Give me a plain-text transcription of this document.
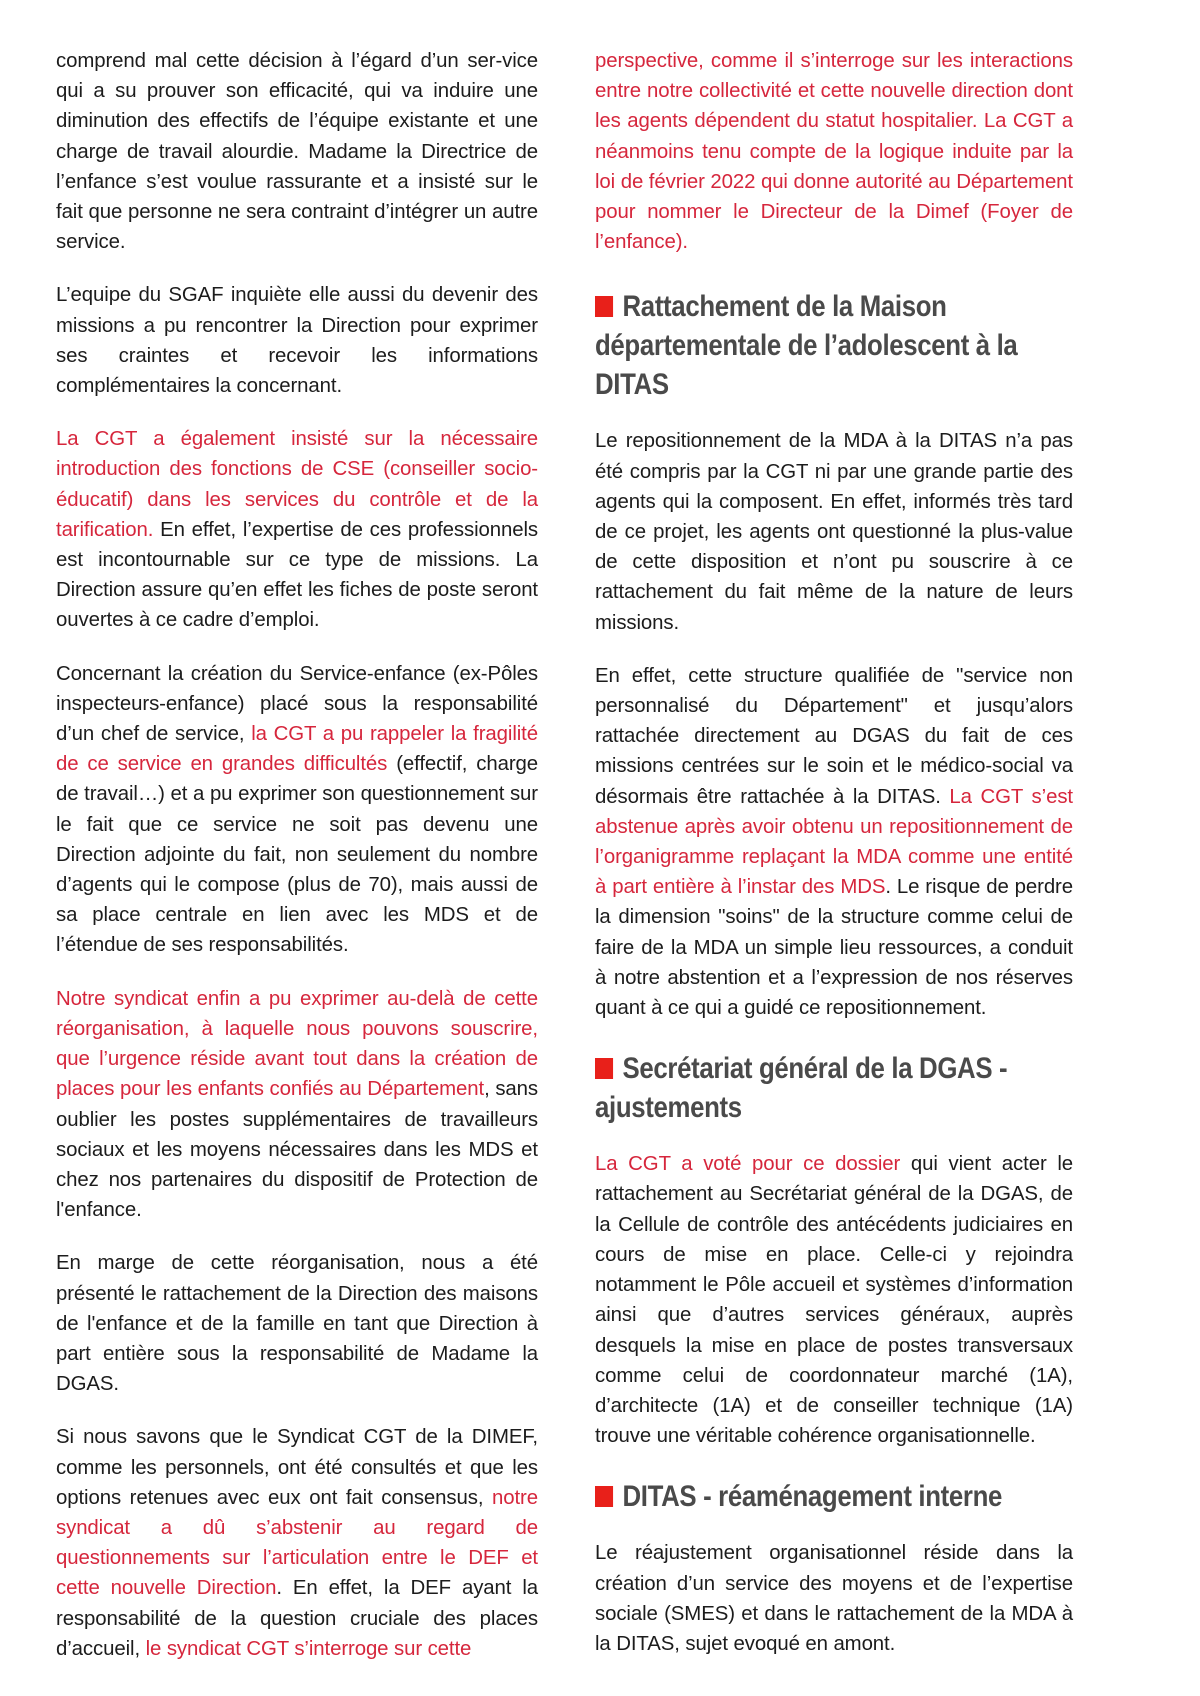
comprend mal cette décision à l’égard d’un ser-vice qui a su prouver son efficacité, qui va induire une diminution des effectifs de l’équipe existante et une charge de travail alourdie. Madame la Directrice de l’enfance s’est voulue rassurante et a insisté sur le fait que personne ne sera contraint d’intégrer un autre service.

L’equipe du SGAF inquiète elle aussi du devenir des missions a pu rencontrer la Direction pour exprimer ses craintes et recevoir les informations complémentaires la concernant.

La CGT a également insisté sur la nécessaire introduction des fonctions de CSE (conseiller socio-éducatif) dans les services du contrôle et de la tarification. En effet, l’expertise de ces professionnels est incontournable sur ce type de missions. La Direction assure qu’en effet les fiches de poste seront ouvertes à ce cadre d’emploi.

Concernant la création du Service-enfance (ex-Pôles inspecteurs-enfance) placé sous la responsabilité d’un chef de service, la CGT a pu rappeler la fragilité de ce service en grandes difficultés (effectif, charge de travail…) et a pu exprimer son questionnement sur le fait que ce service ne soit pas devenu une Direction adjointe du fait, non seulement du nombre d’agents qui le compose (plus de 70), mais aussi de sa place centrale en lien avec les MDS et de l’étendue de ses responsabilités.

Notre syndicat enfin a pu exprimer au-delà de cette réorganisation, à laquelle nous pouvons souscrire, que l’urgence réside avant tout dans la création de places pour les enfants confiés au Département, sans oublier les postes supplémentaires de travailleurs sociaux et les moyens nécessaires dans les MDS et chez nos partenaires du dispositif de Protection de l'enfance.

En marge de cette réorganisation, nous a été présenté le rattachement de la Direction des maisons de l'enfance et de la famille en tant que Direction à part entière sous la responsabilité de Madame la DGAS.

Si nous savons que le Syndicat CGT de la DIMEF, comme les personnels, ont été consultés et que les options retenues avec eux ont fait consensus, notre syndicat a dû s’abstenir au regard de questionnements sur l’articulation entre le DEF et cette nouvelle Direction. En effet, la DEF ayant la responsabilité de la question cruciale des places d’accueil, le syndicat CGT s’interroge sur cette

perspective, comme il s’interroge sur les interactions entre notre collectivité et cette nouvelle direction dont les agents dépendent du statut hospitalier. La CGT a néanmoins tenu compte de la logique induite par la loi de février 2022 qui donne autorité au Département pour nommer le Directeur de la Dimef (Foyer de l’enfance).

Rattachement de la Maison départementale de l’adolescent à la DITAS

Le repositionnement de la MDA à la DITAS n’a pas été compris par la CGT ni par une grande partie des agents qui la composent. En effet, informés très tard de ce projet, les agents ont questionné la plus-value de cette disposition et n’ont pu souscrire à ce rattachement du fait même de la nature de leurs missions.

En effet, cette structure qualifiée de "service non personnalisé du Département" et jusqu’alors rattachée directement au DGAS du fait de ces missions centrées sur le soin et le médico-social va désormais être rattachée à la DITAS. La CGT s’est abstenue après avoir obtenu un repositionnement de l’organigramme replaçant la MDA comme une entité à part entière à l’instar des MDS. Le risque de perdre la dimension "soins" de la structure comme celui de faire de la MDA un simple lieu ressources, a conduit à notre abstention et a l’expression de nos réserves quant à ce qui a guidé ce repositionnement.

Secrétariat général de la DGAS - ajustements

La CGT a voté pour ce dossier qui vient acter le rattachement au Secrétariat général de la DGAS, de la Cellule de contrôle des antécédents judiciaires en cours de mise en place. Celle-ci y rejoindra notamment le Pôle accueil et systèmes d’information ainsi que d’autres services généraux, auprès desquels la mise en place de postes transversaux comme celui de coordonnateur marché (1A), d’architecte (1A) et de conseiller technique (1A) trouve une véritable cohérence organisationnelle.

DITAS - réaménagement interne

Le réajustement organisationnel réside dans la création d’un service des moyens et de l’expertise sociale (SMES) et dans le rattachement de la MDA à la DITAS, sujet evoqué en amont.
